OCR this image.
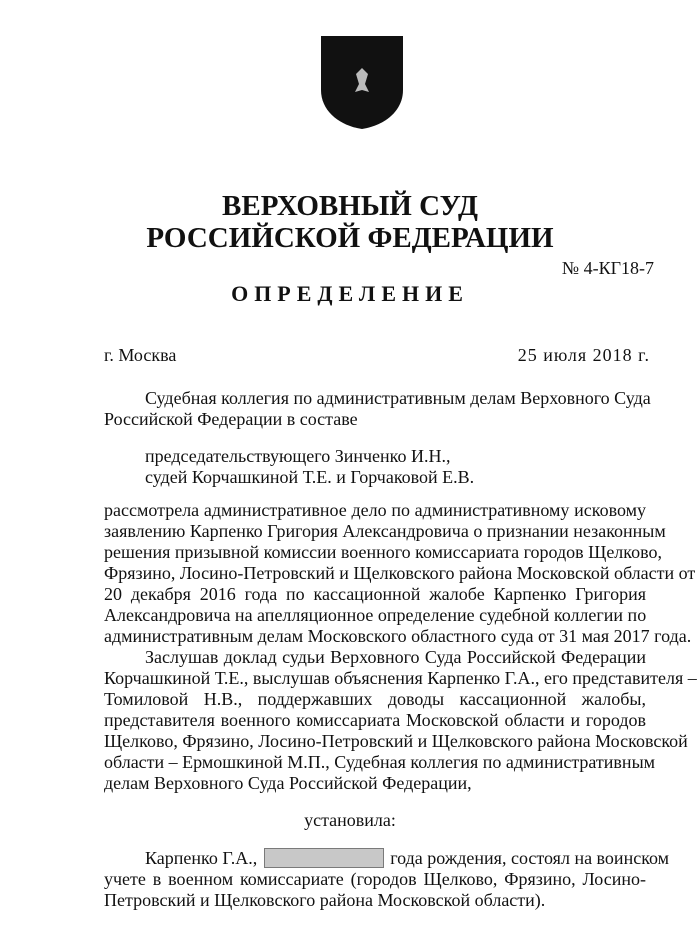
ВЕРХОВНЫЙ СУД
РОССИЙСКОЙ ФЕДЕРАЦИИ
№ 4-КГ18-7
ОПРЕДЕЛЕНИЕ
г. Москва	25 июля 2018 г.
Судебная коллегия по административным делам Верховного Суда
Российской Федерации в составе
председательствующего Зинченко И.Н.,
судей Корчашкиной Т.Е. и Горчаковой Е.В.
рассмотрела административное дело по административному исковому
заявлению Карпенко Григория Александровича о признании незаконным
решения призывной комиссии военного комиссариата городов Щелково,
Фрязино, Лосино-Петровский и Щелковского района Московской области от
20 декабря 2016 года по кассационной жалобе Карпенко Григория
Александровича на апелляционное определение судебной коллегии по
административным делам Московского областного суда от 31 мая 2017 года.
Заслушав доклад судьи Верховного Суда Российской Федерации
Корчашкиной Т.Е., выслушав объяснения Карпенко Г.А., его представителя –
Томиловой Н.В., поддержавших доводы кассационной жалобы,
представителя военного комиссариата Московской области и городов
Щелково, Фрязино, Лосино-Петровский и Щелковского района Московской
области – Ермошкиной М.П., Судебная коллегия по административным
делам Верховного Суда Российской Федерации,
установила:
Карпенко Г.А.,	года рождения, состоял на воинском
учете в военном комиссариате (городов Щелково, Фрязино, Лосино-
Петровский и Щелковского района Московской области).
